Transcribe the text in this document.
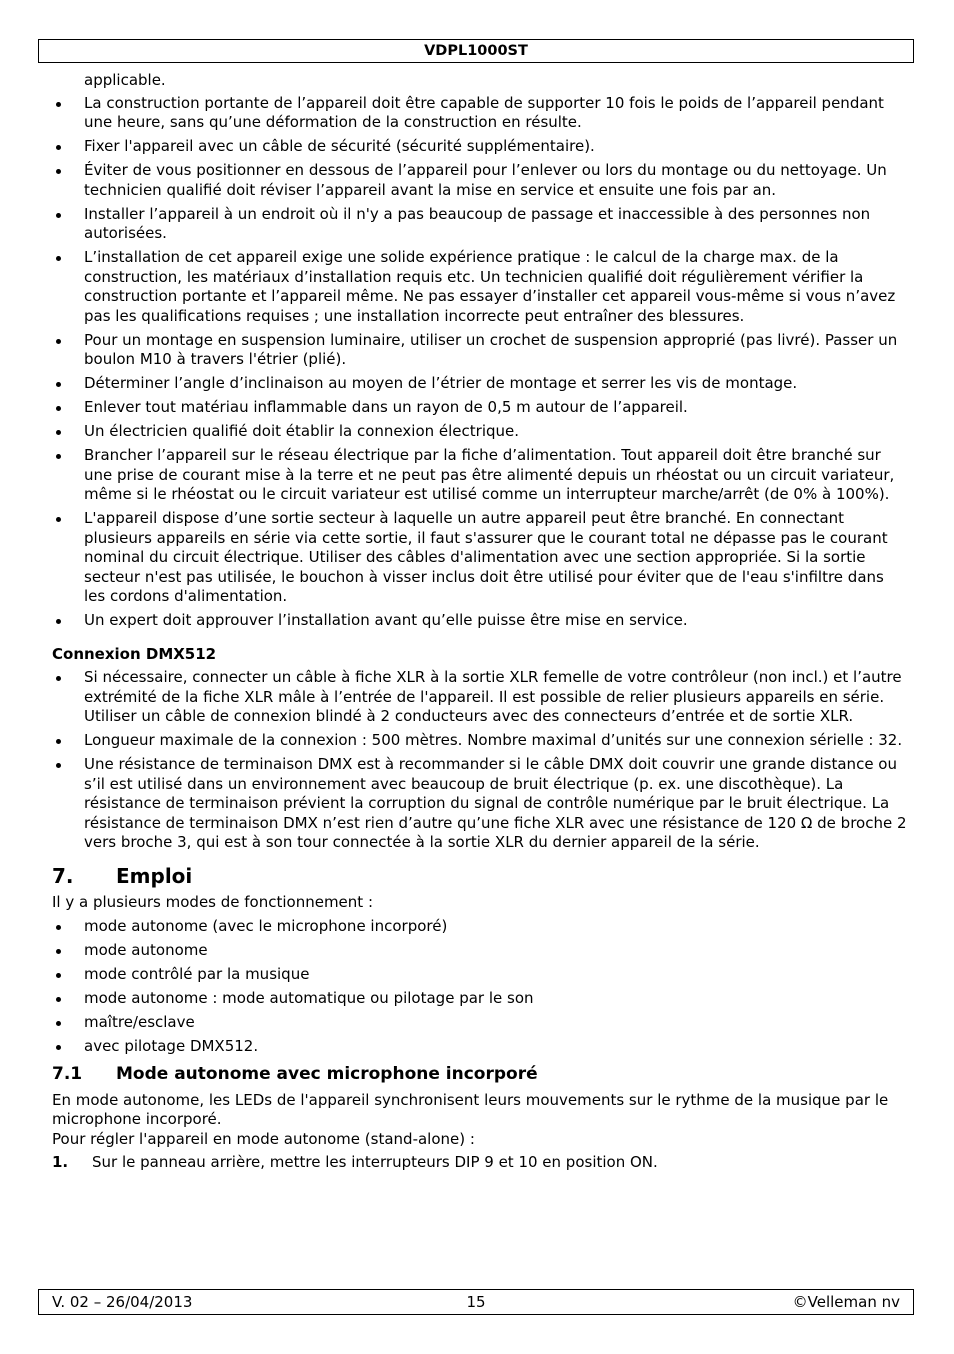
VDPL1000ST
applicable.
La construction portante de l’appareil doit être capable de supporter 10 fois le poids de l’appareil pendant une heure, sans qu’une déformation de la construction en résulte.
Fixer l'appareil avec un câble de sécurité (sécurité supplémentaire).
Éviter de vous positionner en dessous de l’appareil pour l’enlever ou lors du montage ou du nettoyage. Un technicien qualifié doit réviser l’appareil avant la mise en service et ensuite une fois par an.
Installer l’appareil à un endroit où il n'y a pas beaucoup de passage et inaccessible à des personnes non autorisées.
L’installation de cet appareil exige une solide expérience pratique : le calcul de la charge max. de la construction, les matériaux d’installation requis etc. Un technicien qualifié doit régulièrement vérifier la construction portante et l’appareil même. Ne pas essayer d’installer cet appareil vous-même si vous n’avez pas les qualifications requises ; une installation incorrecte peut entraîner des blessures.
Pour un montage en suspension luminaire, utiliser un crochet de suspension approprié (pas livré). Passer un boulon M10 à travers l'étrier (plié).
Déterminer l’angle d’inclinaison au moyen de l’étrier de montage et serrer les vis de montage.
Enlever tout matériau inflammable dans un rayon de 0,5 m autour de l’appareil.
Un électricien qualifié doit établir la connexion électrique.
Brancher l’appareil sur le réseau électrique par la fiche d’alimentation. Tout appareil doit être branché sur une prise de courant mise à la terre et ne peut pas être alimenté depuis un rhéostat ou un circuit variateur, même si le rhéostat ou le circuit variateur est utilisé comme un interrupteur marche/arrêt (de 0% à 100%).
L'appareil dispose d’une sortie secteur à laquelle un autre appareil peut être branché. En connectant plusieurs appareils en série via cette sortie, il faut s'assurer que le courant total ne dépasse pas le courant nominal du circuit électrique. Utiliser des câbles d'alimentation avec une section appropriée. Si la sortie secteur n'est pas utilisée, le bouchon à visser inclus doit être utilisé pour éviter que de l'eau s'infiltre dans les cordons d'alimentation.
Un expert doit approuver l’installation avant qu’elle puisse être mise en service.
Connexion DMX512
Si nécessaire, connecter un câble à fiche XLR à la sortie XLR femelle de votre contrôleur (non incl.) et l’autre extrémité de la fiche XLR mâle à l’entrée de l'appareil. Il est possible de relier plusieurs appareils en série. Utiliser un câble de connexion blindé à 2 conducteurs avec des connecteurs d’entrée et de sortie XLR.
Longueur maximale de la connexion : 500 mètres. Nombre maximal d’unités sur une connexion sérielle : 32.
Une résistance de terminaison DMX est à recommander si le câble DMX doit couvrir une grande distance ou s’il est utilisé dans un environnement avec beaucoup de bruit électrique (p. ex. une discothèque). La résistance de terminaison prévient la corruption du signal de contrôle numérique par le bruit électrique. La résistance de terminaison DMX n’est rien d’autre qu’une fiche XLR avec une résistance de 120 Ω de broche 2 vers broche 3, qui est à son tour connectée à la sortie XLR du dernier appareil de la série.
7.	Emploi
Il y a plusieurs modes de fonctionnement :
mode autonome (avec le microphone incorporé)
mode autonome
mode contrôlé par la musique
mode autonome : mode automatique ou pilotage par le son
maître/esclave
avec pilotage DMX512.
7.1	Mode autonome avec microphone incorporé
En mode autonome, les LEDs de l'appareil synchronisent leurs mouvements sur le rythme de la musique par le microphone incorporé.
Pour régler l'appareil en mode autonome (stand-alone) :
1.	Sur le panneau arrière, mettre les interrupteurs DIP 9 et 10 en position ON.
V. 02 – 26/04/2013	15	©Velleman nv
